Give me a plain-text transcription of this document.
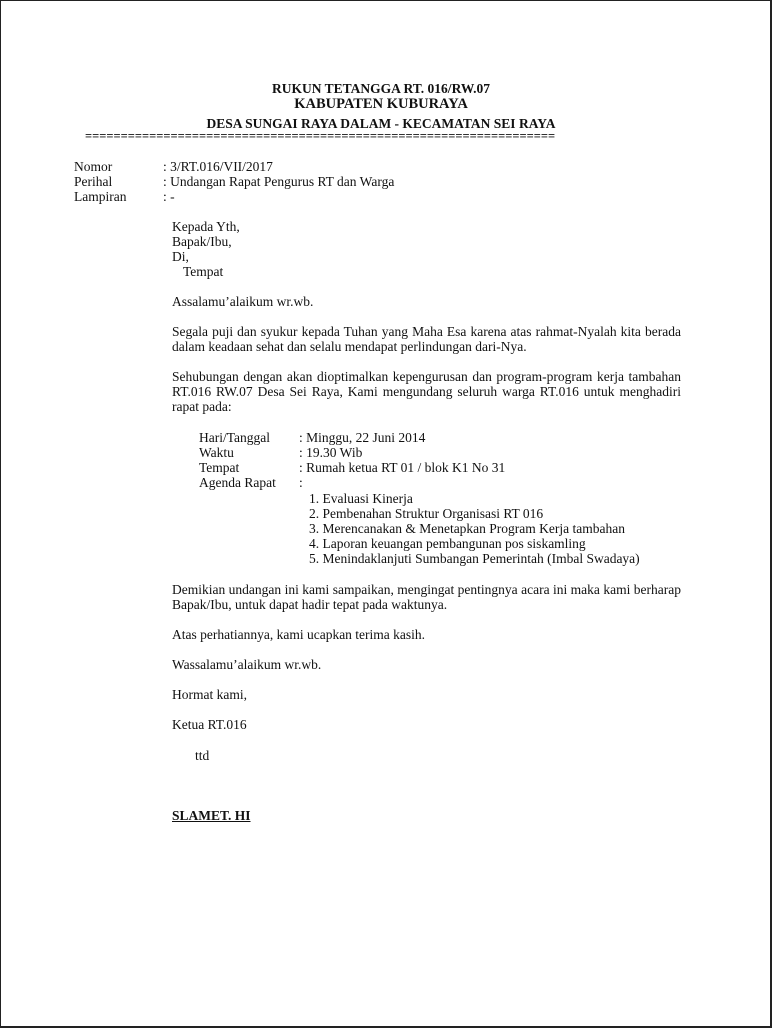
RUKUN TETANGGA RT. 016/RW.07
KABUPATEN KUBURAYA
DESA SUNGAI RAYA DALAM - KECAMATAN SEI RAYA
==================================================================
Nomor	: 3/RT.016/VII/2017
Perihal	: Undangan Rapat Pengurus RT dan Warga
Lampiran	: -
Kepada Yth,
Bapak/Ibu,
Di,
Tempat
Assalamu’alaikum wr.wb.
Segala puji dan syukur kepada Tuhan yang Maha Esa karena atas rahmat-Nyalah kita berada dalam keadaan sehat dan selalu mendapat perlindungan dari-Nya.
Sehubungan dengan akan dioptimalkan kepengurusan dan program-program kerja tambahan RT.016 RW.07 Desa Sei Raya, Kami mengundang seluruh warga RT.016 untuk menghadiri rapat pada:
Hari/Tanggal : Minggu, 22 Juni 2014
Waktu	: 19.30 Wib
Tempat	: Rumah ketua RT 01 / blok K1 No 31
Agenda Rapat :
1. Evaluasi Kinerja
2. Pembenahan Struktur Organisasi RT 016
3. Merencanakan & Menetapkan Program Kerja tambahan
4. Laporan keuangan pembangunan pos siskamling
5. Menindaklanjuti Sumbangan Pemerintah (Imbal Swadaya)
Demikian undangan ini kami sampaikan, mengingat pentingnya acara ini maka kami berharap Bapak/Ibu, untuk dapat hadir tepat pada waktunya.
Atas perhatiannya, kami ucapkan terima kasih.
Wassalamu’alaikum wr.wb.
Hormat kami,
Ketua RT.016
ttd
SLAMET. HI
